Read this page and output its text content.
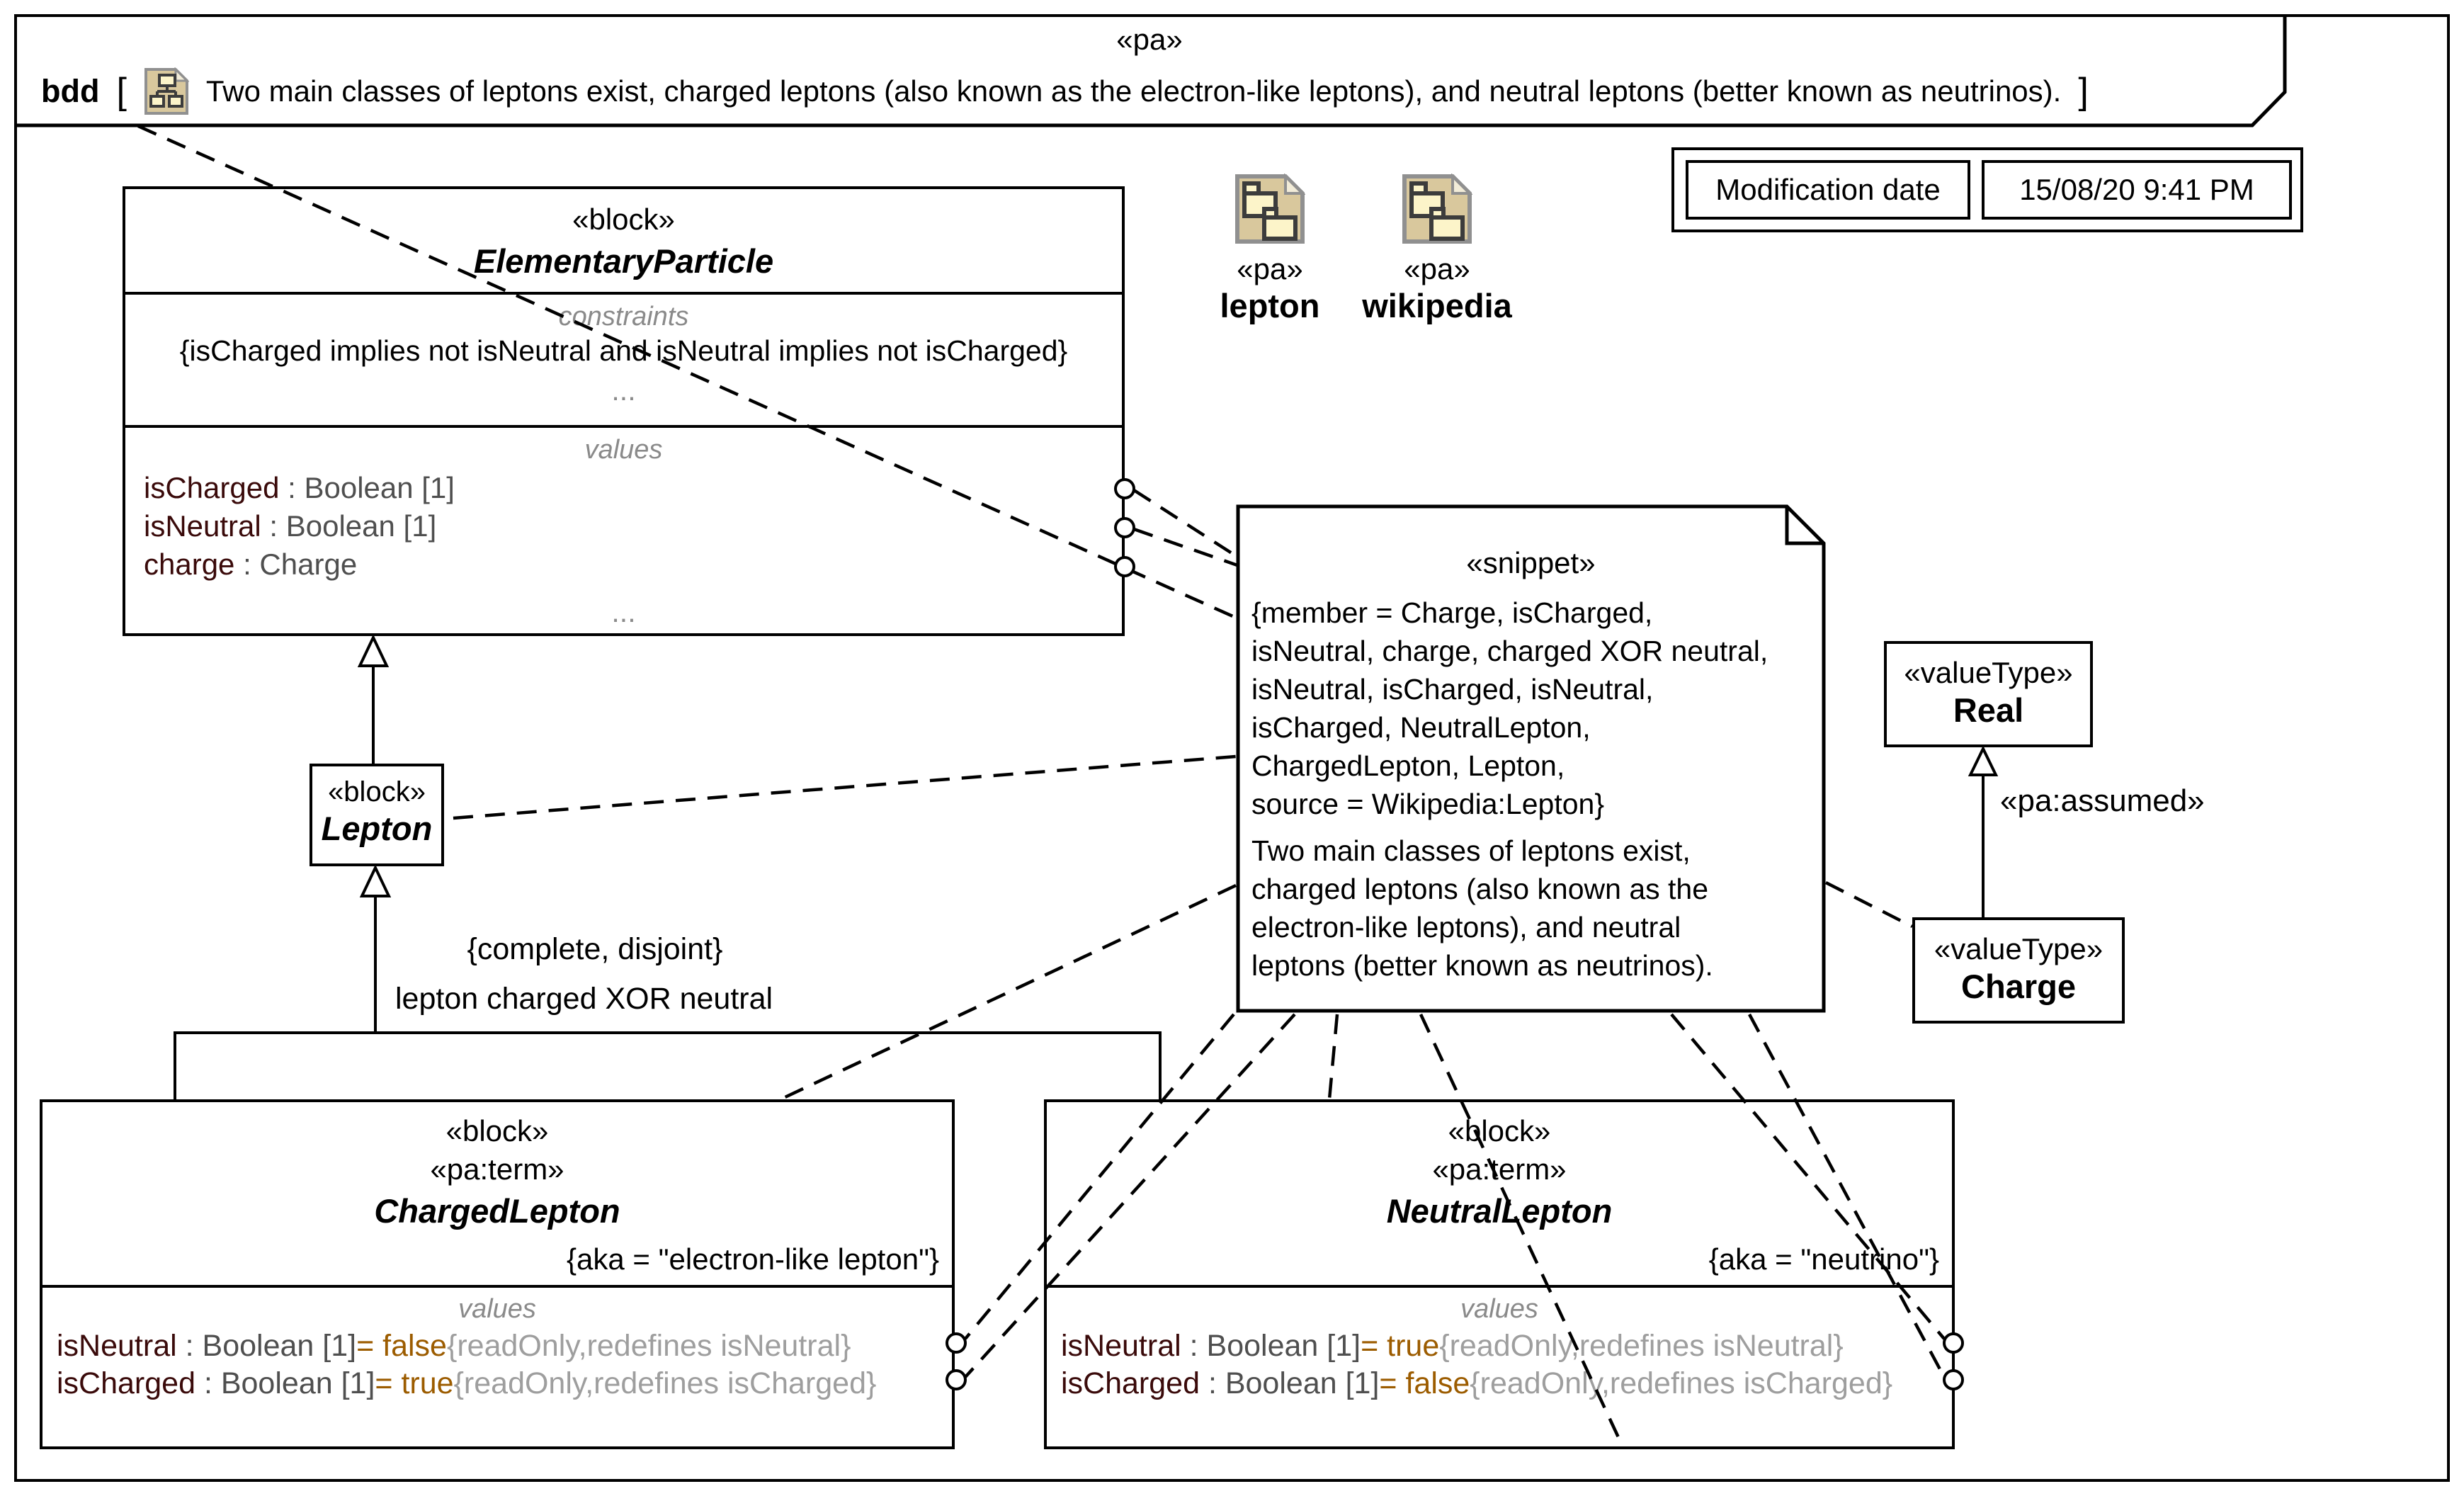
«pa»
bdd [	Two main classes of leptons exist, charged leptons (also known as the electron-like leptons), and neutral leptons (better known as neutrinos). ]
Modification date	15/08/20 9:41 PM
«block»
ElementaryParticle
constraints
{isCharged implies not isNeutral and isNeutral implies not isCharged}
...
values
isCharged : Boolean [1]
isNeutral : Boolean [1]
charge : Charge
...
«pa»
lepton
«pa»
wikipedia
«snippet»
{member = Charge, isCharged,
isNeutral, charge, charged XOR neutral,
isNeutral, isCharged, isNeutral,
isCharged, NeutralLepton,
ChargedLepton, Lepton,
source = Wikipedia:Lepton}
Two main classes of leptons exist,
charged leptons (also known as the
electron-like leptons), and neutral
leptons (better known as neutrinos).
«valueType»
Real
«valueType»
Charge
«pa:assumed»
«block»
Lepton
{complete, disjoint}
lepton charged XOR neutral
«block»
«pa:term»
ChargedLepton
{aka = "electron-like lepton"}
values
isNeutral : Boolean [1]= false{readOnly,redefines isNeutral}
isCharged : Boolean [1]= true{readOnly,redefines isCharged}
«block»
«pa:term»
NeutralLepton
{aka = "neutrino"}
values
isNeutral : Boolean [1]= true{readOnly,redefines isNeutral}
isCharged : Boolean [1]= false{readOnly,redefines isCharged}
